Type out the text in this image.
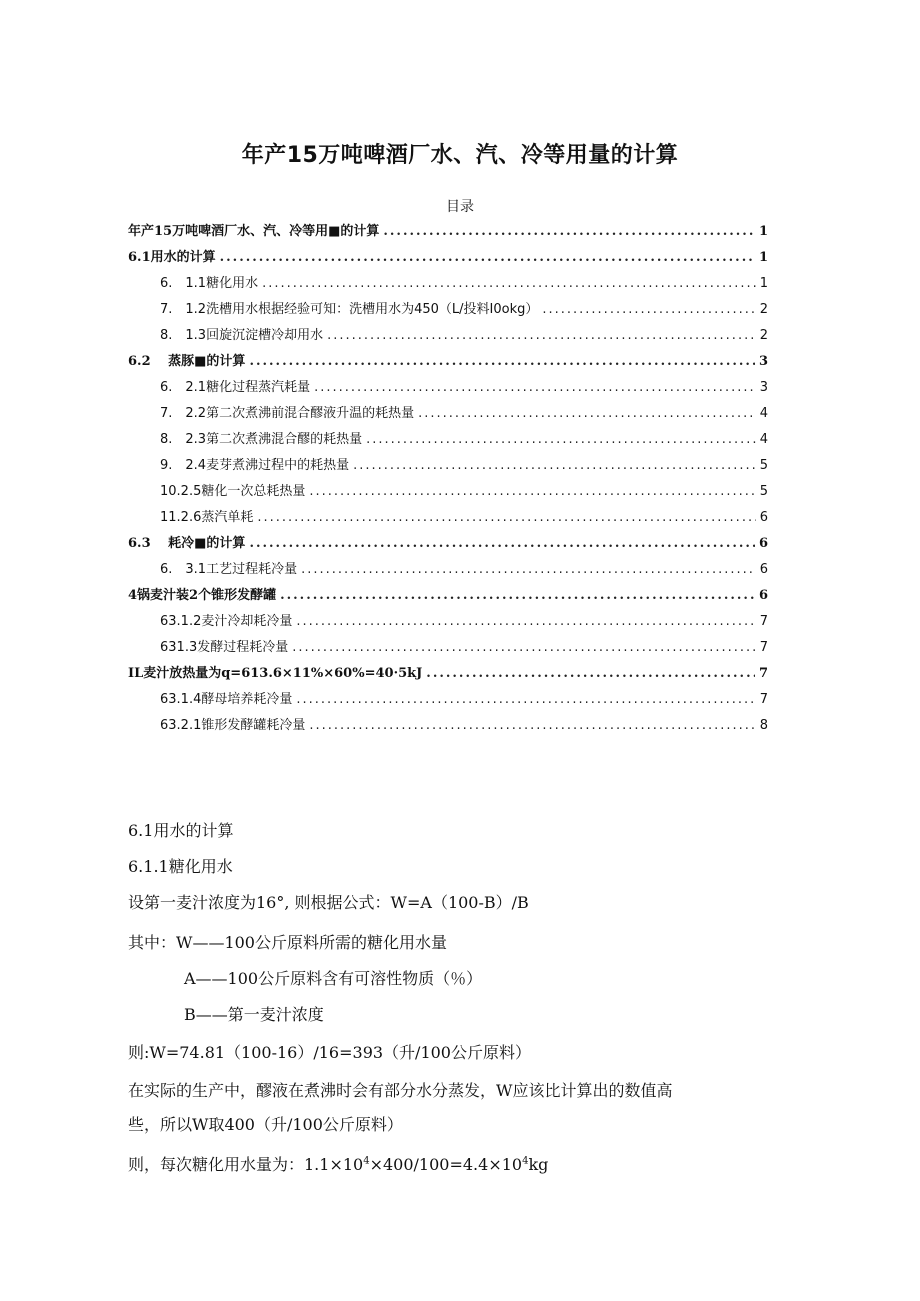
年产15万吨啤酒厂水、汽、冷等用量的计算
目录
年产15万吨啤酒厂水、汽、冷等用■的计算 .....	1
6.1用水的计算 .....	1
6.　1.1糖化用水 .....	1
7.　1.2洗槽用水根据经验可知：洗槽用水为450（L/投料I0okg） .....	2
8.　1.3回旋沉淀槽冷却用水 .....	2
6.2　 蒸豚■的计算 .....	3
6.　2.1糖化过程蒸汽耗量 .....	3
7.　2.2第二次煮沸前混合醪液升温的耗热量 .....	4
8.　2.3第二次煮沸混合醪的耗热量 .....	4
9.　2.4麦芽煮沸过程中的耗热量 .....	5
10.2.5糖化一次总耗热量 .....	5
11.2.6蒸汽单耗 .....	6
6.3　 耗冷■的计算 .....	6
6.　3.1工艺过程耗冷量 .....	6
4锅麦汁装2个锥形发酵罐 .....	6
63.1.2麦汁冷却耗冷量 .....	7
631.3发酵过程耗冷量 .....	7
IL麦汁放热量为q=613.6×11%×60%=40·5kJ .....	7
63.1.4酵母培养耗冷量 .....	7
63.2.1锥形发酵罐耗冷量 .....	8
6.1用水的计算
6.1.1糖化用水
设第一麦汁浓度为16°, 则根据公式：W=A（100-B）/B
其中：W——100公斤原料所需的糖化用水量
A——100公斤原料含有可溶性物质（％）
B——第一麦汁浓度
则:W=74.81（100-16）/16=393（升/100公斤原料）
在实际的生产中，醪液在煮沸时会有部分水分蒸发，W应该比计算出的数值高
些，所以W取400（升/100公斤原料）
则，每次糖化用水量为：$1.1\times 10^4\times 400/100=4.4\times 10^4kg$
